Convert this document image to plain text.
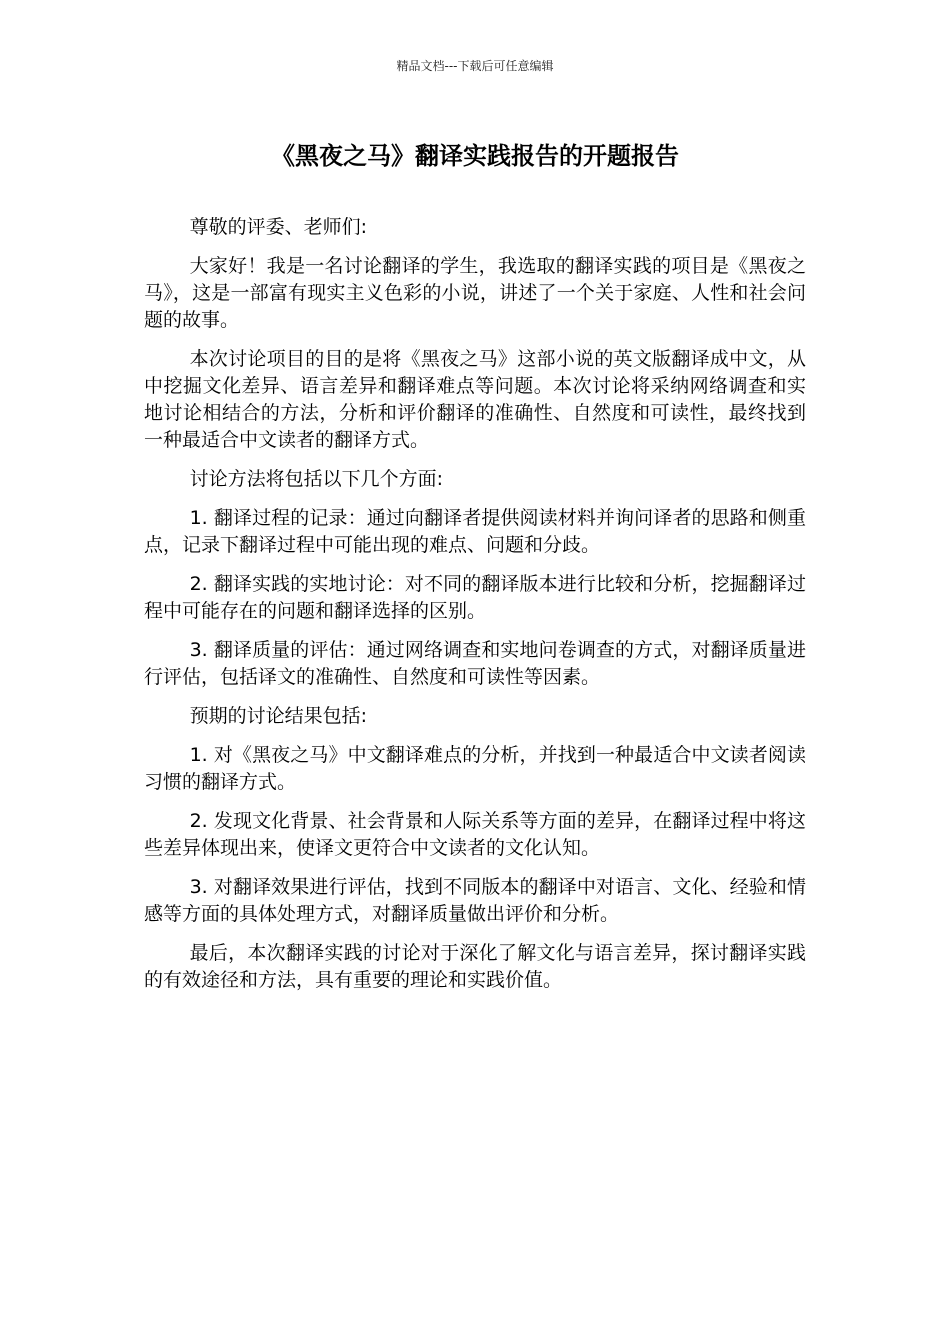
精品文档---下载后可任意编辑
《黑夜之马》翻译实践报告的开题报告

尊敬的评委、老师们:

大家好！我是一名讨论翻译的学生，我选取的翻译实践的项目是《黑夜之马》，这是一部富有现实主义色彩的小说，讲述了一个关于家庭、人性和社会问题的故事。

本次讨论项目的目的是将《黑夜之马》这部小说的英文版翻译成中文，从中挖掘文化差异、语言差异和翻译难点等问题。本次讨论将采纳网络调查和实地讨论相结合的方法，分析和评价翻译的准确性、自然度和可读性，最终找到一种最适合中文读者的翻译方式。

讨论方法将包括以下几个方面:

1. 翻译过程的记录：通过向翻译者提供阅读材料并询问译者的思路和侧重点，记录下翻译过程中可能出现的难点、问题和分歧。

2. 翻译实践的实地讨论：对不同的翻译版本进行比较和分析，挖掘翻译过程中可能存在的问题和翻译选择的区别。

3. 翻译质量的评估：通过网络调查和实地问卷调查的方式，对翻译质量进行评估，包括译文的准确性、自然度和可读性等因素。

预期的讨论结果包括:

1. 对《黑夜之马》中文翻译难点的分析，并找到一种最适合中文读者阅读习惯的翻译方式。

2. 发现文化背景、社会背景和人际关系等方面的差异，在翻译过程中将这些差异体现出来，使译文更符合中文读者的文化认知。

3. 对翻译效果进行评估，找到不同版本的翻译中对语言、文化、经验和情感等方面的具体处理方式，对翻译质量做出评价和分析。

最后，本次翻译实践的讨论对于深化了解文化与语言差异，探讨翻译实践的有效途径和方法，具有重要的理论和实践价值。
